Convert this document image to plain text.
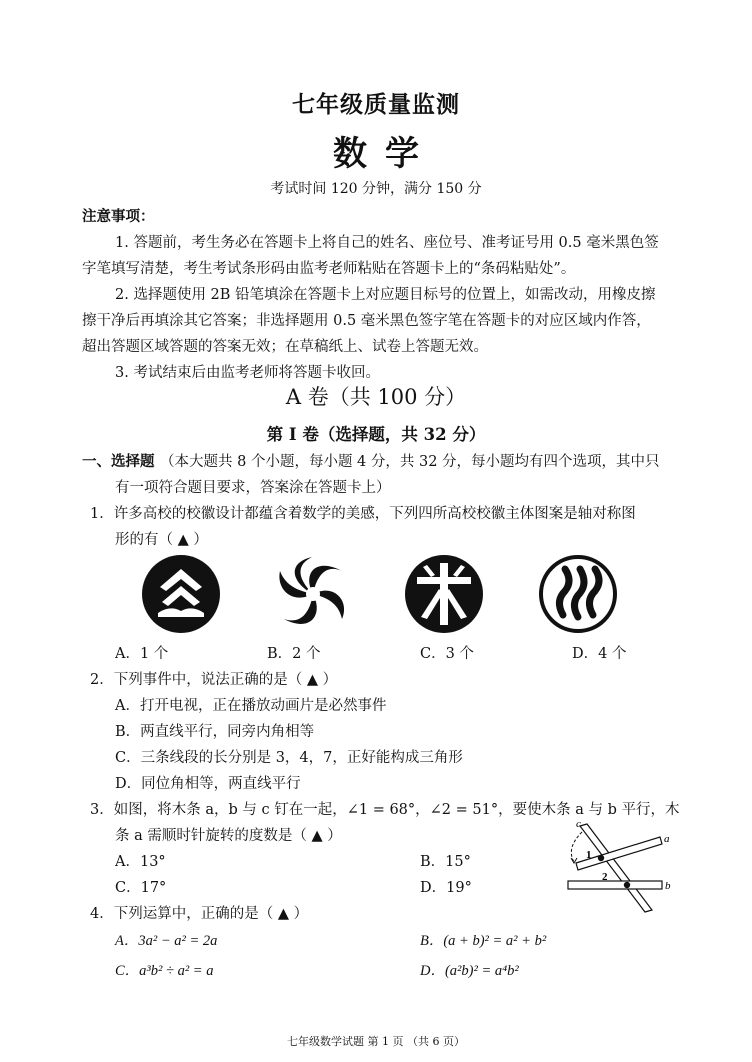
七年级质量监测
数学
考试时间 120 分钟，满分 150 分
注意事项：
1. 答题前，考生务必在答题卡上将自己的姓名、座位号、准考证号用 0.5 毫米黑色签
字笔填写清楚，考生考试条形码由监考老师粘贴在答题卡上的“条码粘贴处”。
2. 选择题使用 2B 铅笔填涂在答题卡上对应题目标号的位置上，如需改动，用橡皮擦
擦干净后再填涂其它答案；非选择题用 0.5 毫米黑色签字笔在答题卡的对应区域内作答，
超出答题区域答题的答案无效；在草稿纸上、试卷上答题无效。
3. 考试结束后由监考老师将答题卡收回。
A 卷（共 100 分）
第 I 卷（选择题，共 32 分）
一、选择题 （本大题共 8 个小题，每小题 4 分，共 32 分，每小题均有四个选项，其中只
有一项符合题目要求，答案涂在答题卡上）
1．许多高校的校徽设计都蕴含着数学的美感，下列四所高校校徽主体图案是轴对称图
形的有（ ▲ ）
A．1 个	B．2 个	C．3 个	D．4 个
2．下列事件中，说法正确的是（ ▲ ）
A．打开电视，正在播放动画片是必然事件
B．两直线平行，同旁内角相等
C．三条线段的长分别是 3，4，7，正好能构成三角形
D．同位角相等，两直线平行
3．如图，将木条 a，b 与 c 钉在一起，∠1 = 68°，∠2 = 51°，要使木条 a 与 b 平行，木
条 a 需顺时针旋转的度数是（ ▲ ）
A．13°	B．15°
C．17°	D．19°
c
a
b
1
2
4．下列运算中，正确的是（ ▲ ）
A．3a² − a² = 2a	B．(a + b)² = a² + b²
C．a³b² ÷ a² = a	D．(a²b)² = a⁴b²
七年级数学试题 第 1 页 （共 6 页）
